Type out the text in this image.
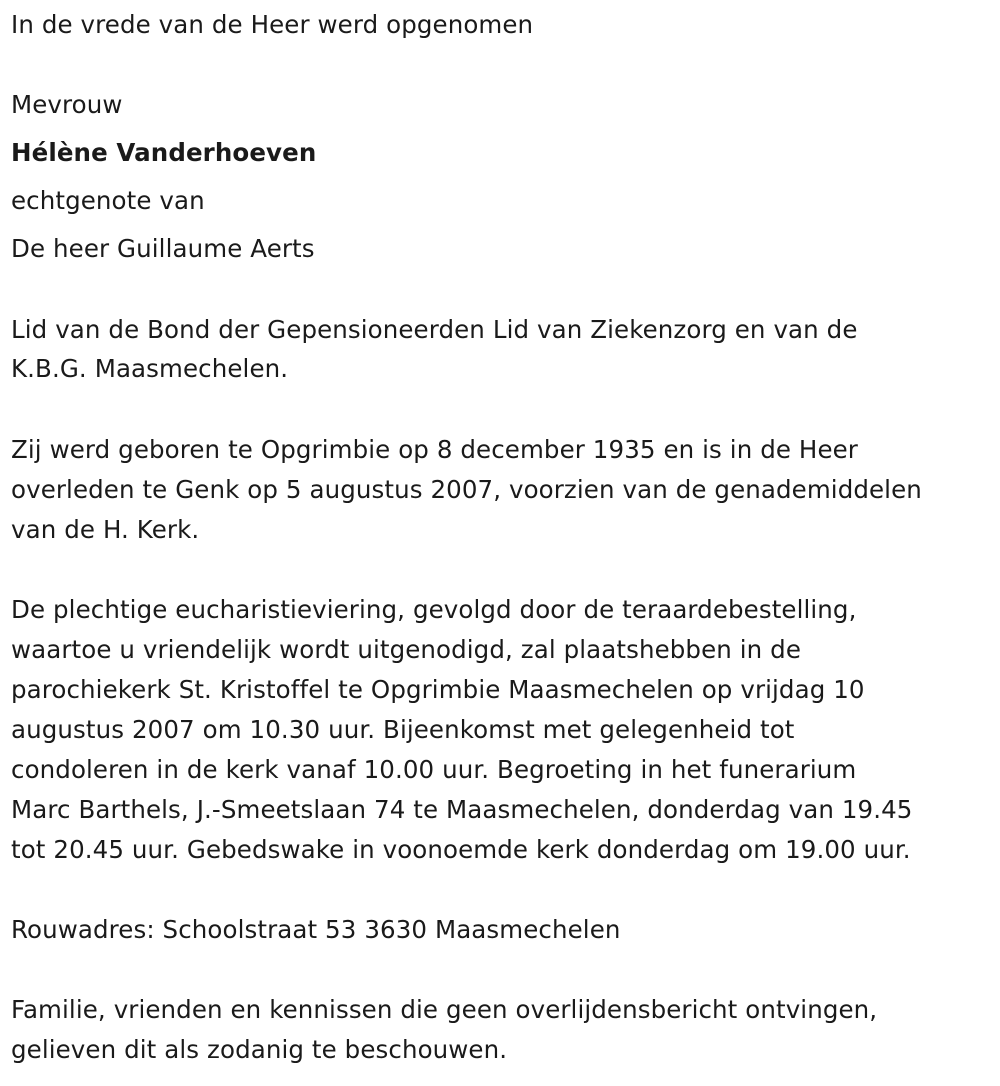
In de vrede van de Heer werd opgenomen
Mevrouw
Hélène Vanderhoeven
echtgenote van
De heer Guillaume Aerts
Lid van de Bond der Gepensioneerden Lid van Ziekenzorg en van de
K.B.G. Maasmechelen.
Zij werd geboren te Opgrimbie op 8 december 1935 en is in de Heer
overleden te Genk op 5 augustus 2007, voorzien van de genademiddelen
van de H. Kerk.
De plechtige eucharistieviering, gevolgd door de teraardebestelling,
waartoe u vriendelijk wordt uitgenodigd, zal plaatshebben in de
parochiekerk St. Kristoffel te Opgrimbie Maasmechelen op vrijdag 10
augustus 2007 om 10.30 uur. Bijeenkomst met gelegenheid tot
condoleren in de kerk vanaf 10.00 uur. Begroeting in het funerarium
Marc Barthels, J.-Smeetslaan 74 te Maasmechelen, donderdag van 19.45
tot 20.45 uur. Gebedswake in voonoemde kerk donderdag om 19.00 uur.
Rouwadres: Schoolstraat 53 3630 Maasmechelen
Familie, vrienden en kennissen die geen overlijdensbericht ontvingen,
gelieven dit als zodanig te beschouwen.
